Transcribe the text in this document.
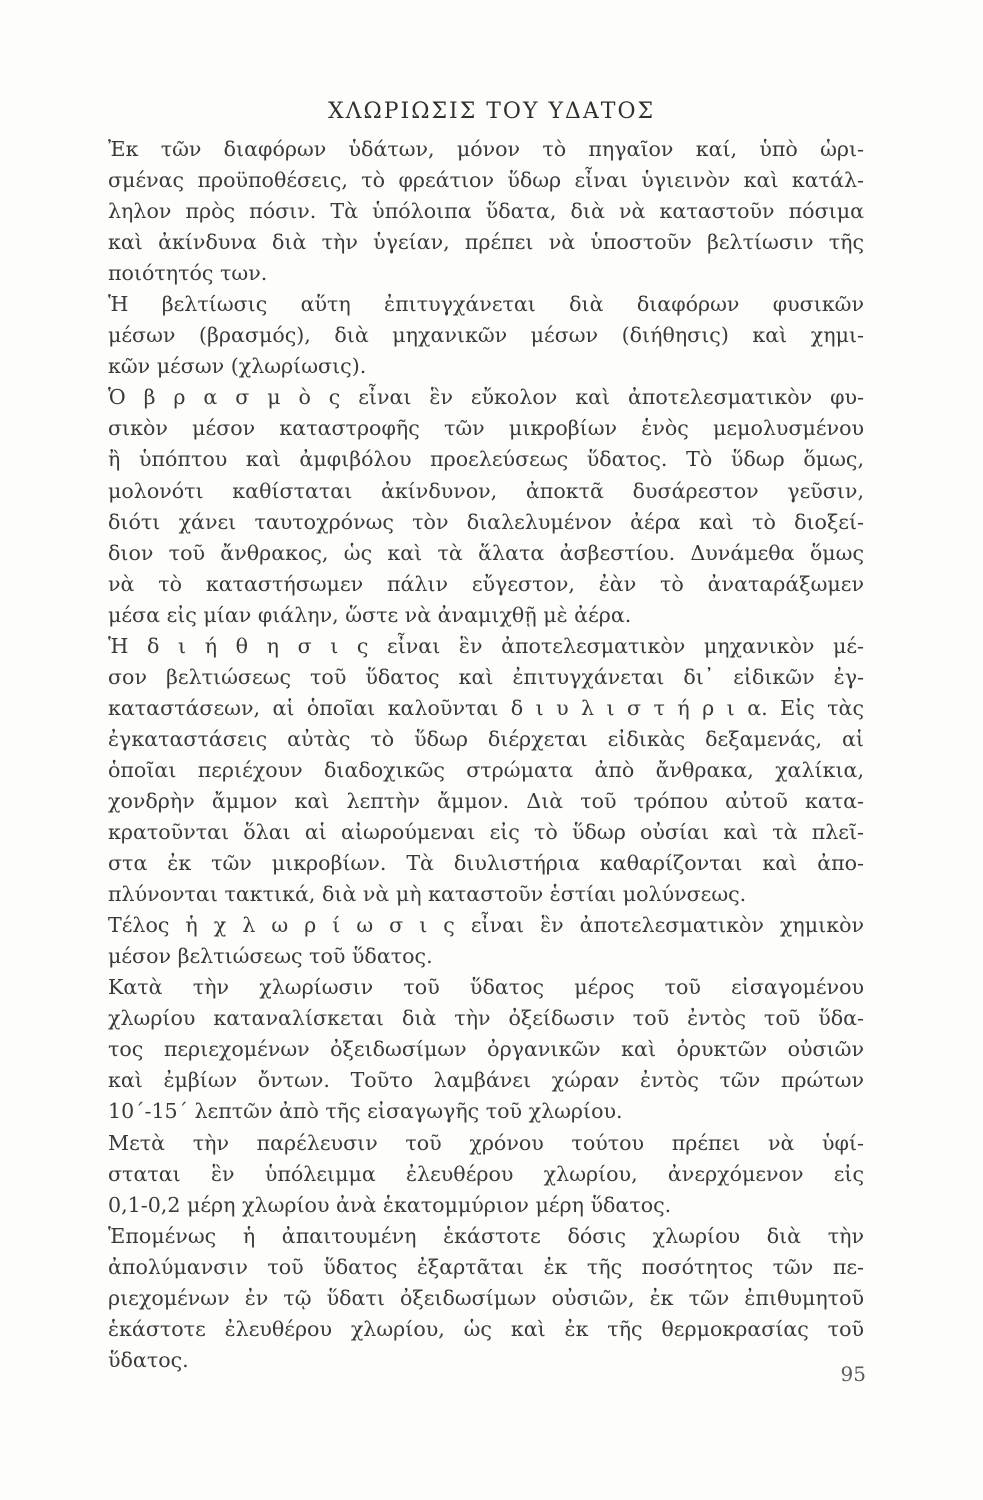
ΧΛΩΡΙΩΣΙΣ ΤΟΥ ΥΔΑΤΟΣ
Ἐκ τῶν διαφόρων ὑδάτων, μόνον τὸ πηγαῖον καί, ὑπὸ ὡρι-
σμένας προϋποθέσεις, τὸ φρεάτιον ὕδωρ εἶναι ὑγιεινὸν καὶ κατάλ-
ληλον πρὸς πόσιν. Τὰ ὑπόλοιπα ὕδατα, διὰ νὰ καταστοῦν πόσιμα
καὶ ἀκίνδυνα διὰ τὴν ὑγείαν, πρέπει νὰ ὑποστοῦν βελτίωσιν τῆς
ποιότητός των.
Ἡ βελτίωσις αὕτη ἐπιτυγχάνεται διὰ διαφόρων φυσικῶν
μέσων (βρασμός), διὰ μηχανικῶν μέσων (διήθησις) καὶ χημι-
κῶν μέσων (χλωρίωσις).
Ὁ β ρ α σ μ ὸ ς εἶναι ἓν εὔκολον καὶ ἀποτελεσματικὸν φυ-
σικὸν μέσον καταστροφῆς τῶν μικροβίων ἑνὸς μεμολυσμένου
ἢ ὑπόπτου καὶ ἀμφιβόλου προελεύσεως ὕδατος. Τὸ ὕδωρ ὅμως,
μολονότι καθίσταται ἀκίνδυνον, ἀποκτᾶ δυσάρεστον γεῦσιν,
διότι χάνει ταυτοχρόνως τὸν διαλελυμένον ἀέρα καὶ τὸ διοξεί-
διον τοῦ ἄνθρακος, ὡς καὶ τὰ ἅλατα ἀσβεστίου. Δυνάμεθα ὅμως
νὰ τὸ καταστήσωμεν πάλιν εὔγεστον, ἐὰν τὸ ἀναταράξωμεν
μέσα εἰς μίαν φιάλην, ὥστε νὰ ἀναμιχθῇ μὲ ἀέρα.
Ἡ δ ι ή θ η σ ι ς εἶναι ἓν ἀποτελεσματικὸν μηχανικὸν μέ-
σον βελτιώσεως τοῦ ὕδατος καὶ ἐπιτυγχάνεται δι᾽ εἰδικῶν ἐγ-
καταστάσεων, αἱ ὁποῖαι καλοῦνται δ ι υ λ ι σ τ ή ρ ι α. Εἰς τὰς
ἐγκαταστάσεις αὐτὰς τὸ ὕδωρ διέρχεται εἰδικὰς δεξαμενάς, αἱ
ὁποῖαι περιέχουν διαδοχικῶς στρώματα ἀπὸ ἄνθρακα, χαλίκια,
χονδρὴν ἄμμον καὶ λεπτὴν ἄμμον. Διὰ τοῦ τρόπου αὐτοῦ κατα-
κρατοῦνται ὅλαι αἱ αἰωρούμεναι εἰς τὸ ὕδωρ οὐσίαι καὶ τὰ πλεῖ-
στα ἐκ τῶν μικροβίων. Τὰ διυλιστήρια καθαρίζονται καὶ ἀπο-
πλύνονται τακτικά, διὰ νὰ μὴ καταστοῦν ἑστίαι μολύνσεως.
Τέλος ἡ χ λ ω ρ ί ω σ ι ς εἶναι ἓν ἀποτελεσματικὸν χημικὸν
μέσον βελτιώσεως τοῦ ὕδατος.
Κατὰ τὴν χλωρίωσιν τοῦ ὕδατος μέρος τοῦ εἰσαγομένου
χλωρίου καταναλίσκεται διὰ τὴν ὀξείδωσιν τοῦ ἐντὸς τοῦ ὕδα-
τος περιεχομένων ὀξειδωσίμων ὀργανικῶν καὶ ὀρυκτῶν οὐσιῶν
καὶ ἐμβίων ὄντων. Τοῦτο λαμβάνει χώραν ἐντὸς τῶν πρώτων
10΄-15΄ λεπτῶν ἀπὸ τῆς εἰσαγωγῆς τοῦ χλωρίου.
Μετὰ τὴν παρέλευσιν τοῦ χρόνου τούτου πρέπει νὰ ὑφί-
σταται ἓν ὑπόλειμμα ἐλευθέρου χλωρίου, ἀνερχόμενον εἰς
0,1-0,2 μέρη χλωρίου ἀνὰ ἑκατομμύριον μέρη ὕδατος.
Ἑπομένως ἡ ἀπαιτουμένη ἑκάστοτε δόσις χλωρίου διὰ τὴν
ἀπολύμανσιν τοῦ ὕδατος ἐξαρτᾶται ἐκ τῆς ποσότητος τῶν πε-
ριεχομένων ἐν τῷ ὕδατι ὀξειδωσίμων οὐσιῶν, ἐκ τῶν ἐπιθυμητοῦ
ἑκάστοτε ἐλευθέρου χλωρίου, ὡς καὶ ἐκ τῆς θερμοκρασίας τοῦ
ὕδατος.
95
